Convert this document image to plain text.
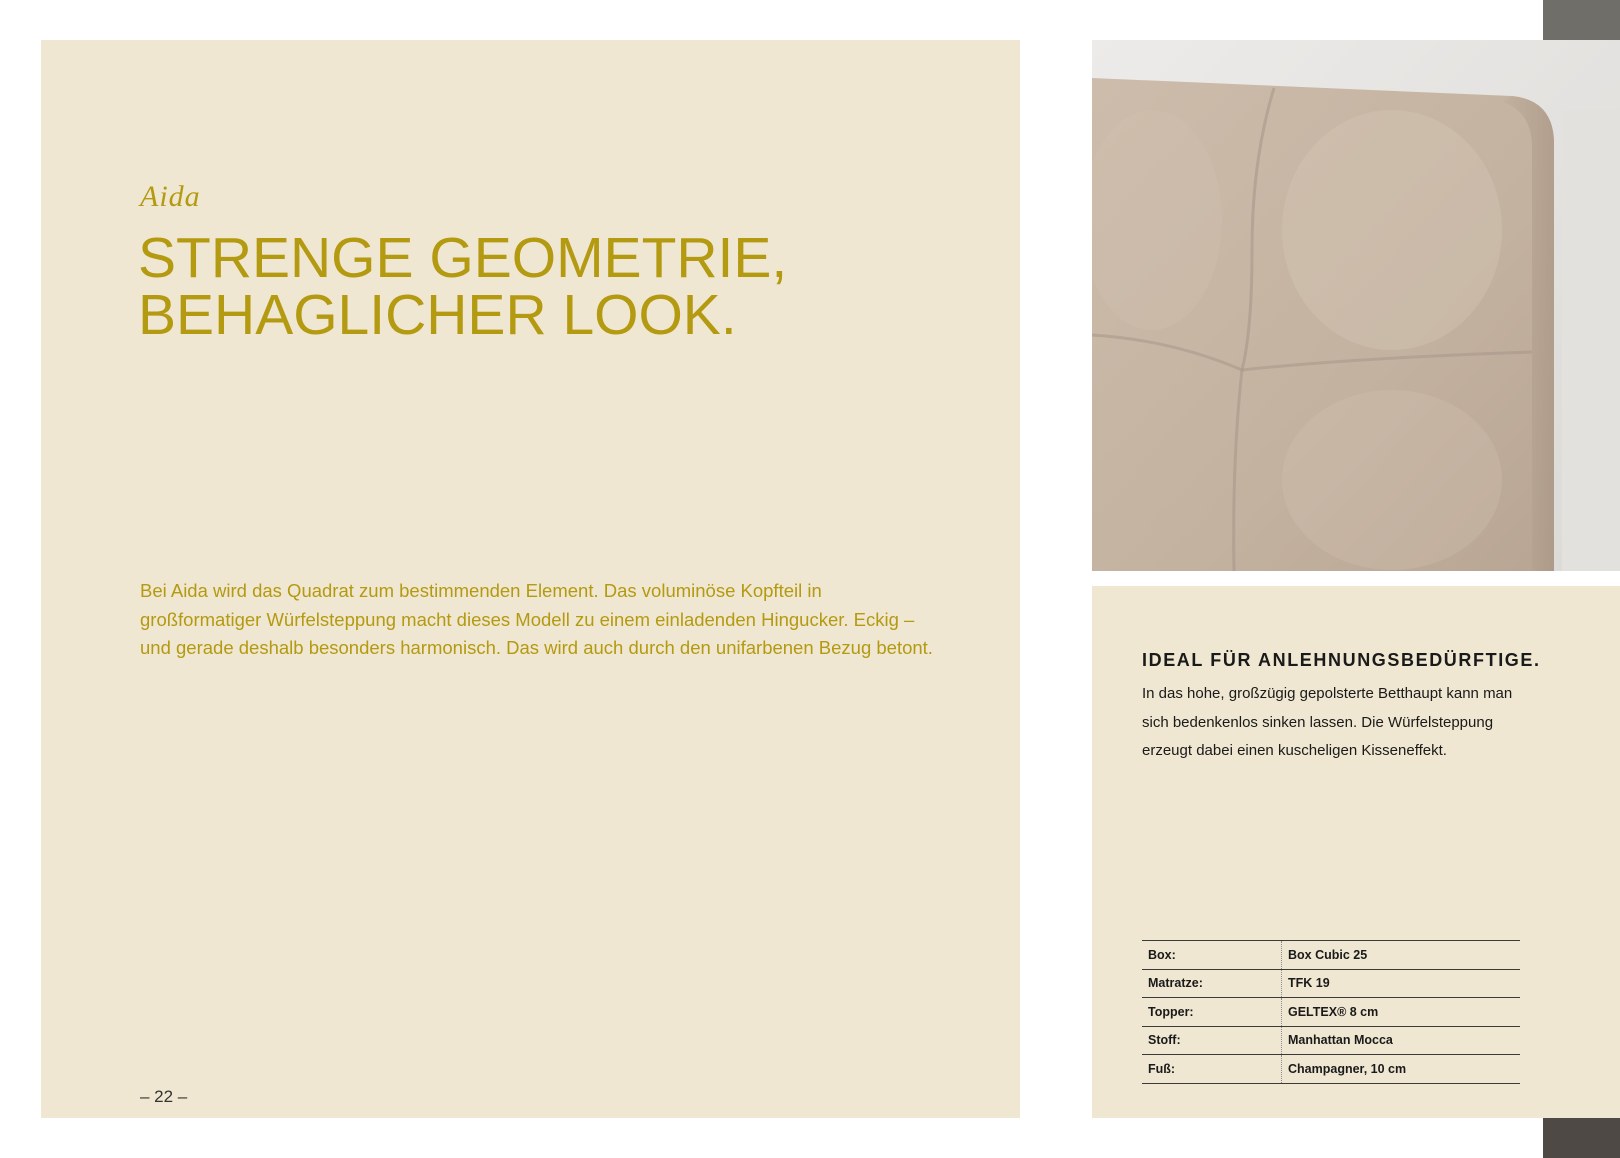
Aida
STRENGE GEOMETRIE,
BEHAGLICHER LOOK.

Bei Aida wird das Quadrat zum bestimmenden Element. Das voluminöse Kopfteil in großformatiger Würfelsteppung macht dieses Modell zu einem einladenden Hingucker. Eckig – und gerade deshalb besonders harmonisch. Das wird auch durch den unifarbenen Bezug betont.

– 22 –
IDEAL FÜR ANLEHNUNGSBEDÜRFTIGE.

In das hohe, großzügig gepolsterte Betthaupt kann man sich bedenkenlos sinken lassen. Die Würfelsteppung erzeugt dabei einen kuscheligen Kisseneffekt.

Box:	Box Cubic 25
Matratze:	TFK 19
Topper:	GELTEX® 8 cm
Stoff:	Manhattan Mocca
Fuß:	Champagner, 10 cm
